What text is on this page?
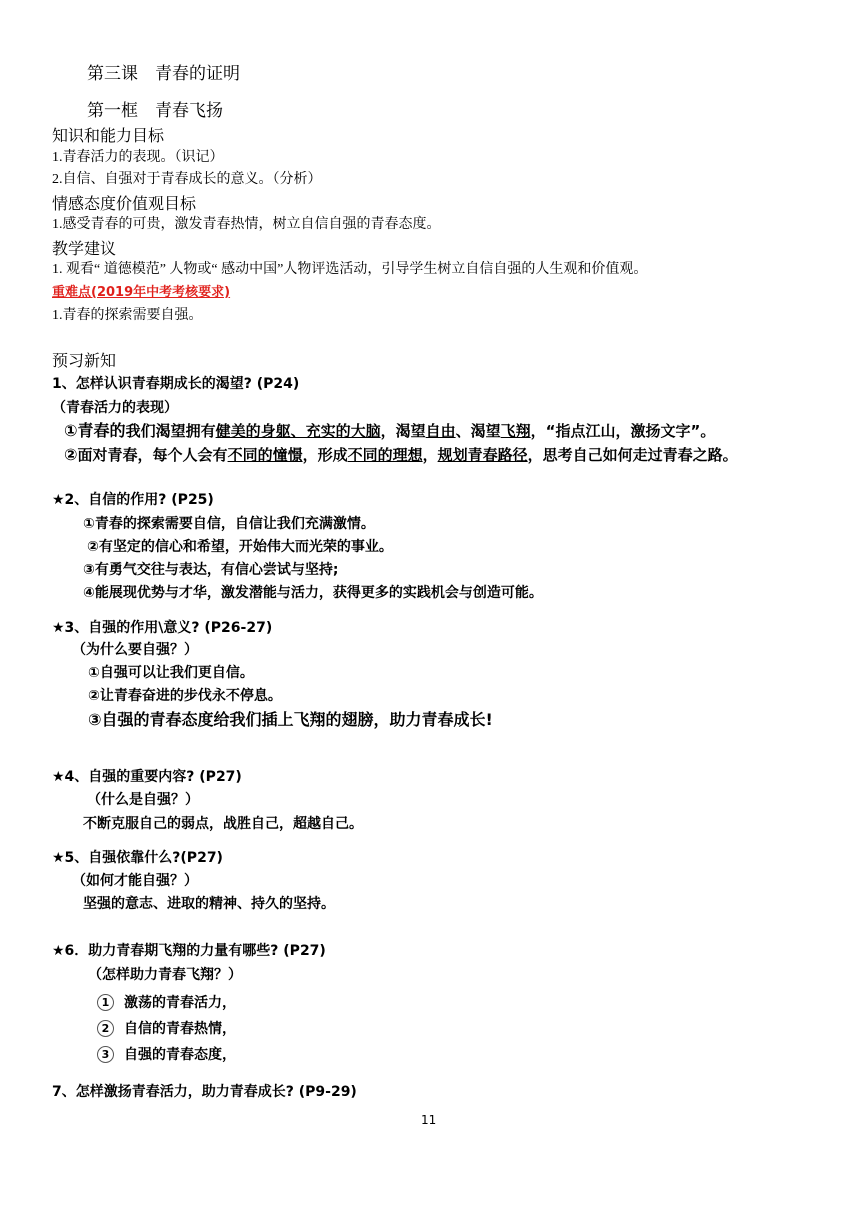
第三课　青春的证明
第一框　青春飞扬
知识和能力目标
1.青春活力的表现。（识记）
2.自信、自强对于青春成长的意义。（分析）
情感态度价值观目标
1.感受青春的可贵，激发青春热情，树立自信自强的青春态度。
教学建议
1. 观看“ 道德模范” 人物或“ 感动中国”人物评选活动，引导学生树立自信自强的人生观和价值观。
重难点(2019年中考考核要求)
1.青春的探索需要自强。
预习新知
1、怎样认识青春期成长的渴望? (P24)
（青春活力的表现）
①青春的我们渴望拥有健美的身躯、充实的大脑，渴望自由、渴望飞翔，“指点江山，激扬文字”。
②面对青春，每个人会有不同的憧憬，形成不同的理想，规划青春路径，思考自己如何走过青春之路。
★2、自信的作用? (P25)
①青春的探索需要自信，自信让我们充满激情。
②有坚定的信心和希望，开始伟大而光荣的事业。
③有勇气交往与表达，有信心尝试与坚持;
④能展现优势与才华，激发潜能与活力，获得更多的实践机会与创造可能。
★3、自强的作用\意义? (P26-27)
（为什么要自强？）
①自强可以让我们更自信。
②让青春奋进的步伐永不停息。
③自强的青春态度给我们插上飞翔的翅膀，助力青春成长!
★4、自强的重要内容? (P27)
（什么是自强？）
不断克服自己的弱点，战胜自己，超越自己。
★5、自强依靠什么?(P27)
（如何才能自强？）
坚强的意志、进取的精神、持久的坚持。
★6．助力青春期飞翔的力量有哪些? (P27)
（怎样助力青春飞翔？）
1 激荡的青春活力，
2 自信的青春热情，
3 自强的青春态度，
7、怎样激扬青春活力，助力青春成长? (P9-29)
11
